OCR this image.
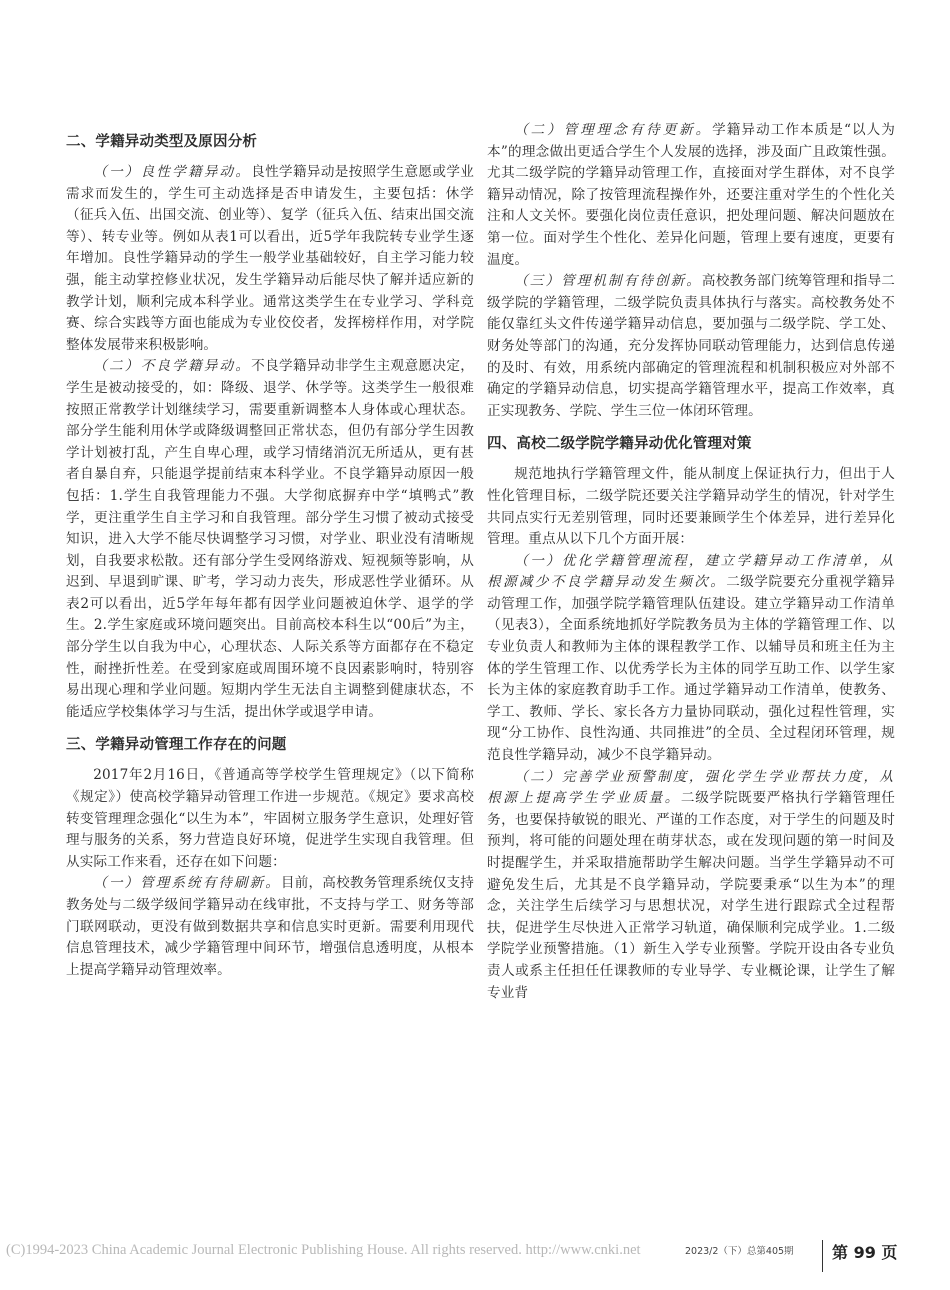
二、学籍异动类型及原因分析

（一）良性学籍异动。良性学籍异动是按照学生意愿或学业需求而发生的，学生可主动选择是否申请发生，主要包括：休学（征兵入伍、出国交流、创业等）、复学（征兵入伍、结束出国交流等）、转专业等。例如从表1可以看出，近5学年我院转专业学生逐年增加。良性学籍异动的学生一般学业基础较好，自主学习能力较强，能主动掌控修业状况，发生学籍异动后能尽快了解并适应新的教学计划，顺利完成本科学业。通常这类学生在专业学习、学科竞赛、综合实践等方面也能成为专业佼佼者，发挥榜样作用，对学院整体发展带来积极影响。

（二）不良学籍异动。不良学籍异动非学生主观意愿决定，学生是被动接受的，如：降级、退学、休学等。这类学生一般很难按照正常教学计划继续学习，需要重新调整本人身体或心理状态。部分学生能利用休学或降级调整回正常状态，但仍有部分学生因教学计划被打乱，产生自卑心理，或学习情绪消沉无所适从，更有甚者自暴自弃，只能退学提前结束本科学业。不良学籍异动原因一般包括：1.学生自我管理能力不强。大学彻底摒弃中学“填鸭式”教学，更注重学生自主学习和自我管理。部分学生习惯了被动式接受知识，进入大学不能尽快调整学习习惯，对学业、职业没有清晰规划，自我要求松散。还有部分学生受网络游戏、短视频等影响，从迟到、早退到旷课、旷考，学习动力丧失，形成恶性学业循环。从表2可以看出，近5学年每年都有因学业问题被迫休学、退学的学生。2.学生家庭或环境问题突出。目前高校本科生以“00后”为主，部分学生以自我为中心，心理状态、人际关系等方面都存在不稳定性，耐挫折性差。在受到家庭或周围环境不良因素影响时，特别容易出现心理和学业问题。短期内学生无法自主调整到健康状态，不能适应学校集体学习与生活，提出休学或退学申请。

三、学籍异动管理工作存在的问题

2017年2月16日，《普通高等学校学生管理规定》（以下简称《规定》）使高校学籍异动管理工作进一步规范。《规定》要求高校转变管理理念强化“以生为本”，牢固树立服务学生意识，处理好管理与服务的关系，努力营造良好环境，促进学生实现自我管理。但从实际工作来看，还存在如下问题：

（一）管理系统有待刷新。目前，高校教务管理系统仅支持教务处与二级学级间学籍异动在线审批，不支持与学工、财务等部门联网联动，更没有做到数据共享和信息实时更新。需要利用现代信息管理技术，减少学籍管理中间环节，增强信息透明度，从根本上提高学籍异动管理效率。

（二）管理理念有待更新。学籍异动工作本质是“以人为本”的理念做出更适合学生个人发展的选择，涉及面广且政策性强。尤其二级学院的学籍异动管理工作，直接面对学生群体，对不良学籍异动情况，除了按管理流程操作外，还要注重对学生的个性化关注和人文关怀。要强化岗位责任意识，把处理问题、解决问题放在第一位。面对学生个性化、差异化问题，管理上要有速度，更要有温度。

（三）管理机制有待创新。高校教务部门统筹管理和指导二级学院的学籍管理，二级学院负责具体执行与落实。高校教务处不能仅靠红头文件传递学籍异动信息，要加强与二级学院、学工处、财务处等部门的沟通，充分发挥协同联动管理能力，达到信息传递的及时、有效，用系统内部确定的管理流程和机制积极应对外部不确定的学籍异动信息，切实提高学籍管理水平，提高工作效率，真正实现教务、学院、学生三位一体闭环管理。

四、高校二级学院学籍异动优化管理对策

规范地执行学籍管理文件，能从制度上保证执行力，但出于人性化管理目标，二级学院还要关注学籍异动学生的情况，针对学生共同点实行无差别管理，同时还要兼顾学生个体差异，进行差异化管理。重点从以下几个方面开展：

（一）优化学籍管理流程，建立学籍异动工作清单，从根源减少不良学籍异动发生频次。二级学院要充分重视学籍异动管理工作，加强学院学籍管理队伍建设。建立学籍异动工作清单（见表3），全面系统地抓好学院教务员为主体的学籍管理工作、以专业负责人和教师为主体的课程教学工作、以辅导员和班主任为主体的学生管理工作、以优秀学长为主体的同学互助工作、以学生家长为主体的家庭教育助手工作。通过学籍异动工作清单，使教务、学工、教师、学长、家长各方力量协同联动，强化过程性管理，实现“分工协作、良性沟通、共同推进”的全员、全过程闭环管理，规范良性学籍异动，减少不良学籍异动。

（二）完善学业预警制度，强化学生学业帮扶力度，从根源上提高学生学业质量。二级学院既要严格执行学籍管理任务，也要保持敏锐的眼光、严谨的工作态度，对于学生的问题及时预判，将可能的问题处理在萌芽状态，或在发现问题的第一时间及时提醒学生，并采取措施帮助学生解决问题。当学生学籍异动不可避免发生后，尤其是不良学籍异动，学院要秉承“以生为本”的理念，关注学生后续学习与思想状况，对学生进行跟踪式全过程帮扶，促进学生尽快进入正常学习轨道，确保顺利完成学业。1.二级学院学业预警措施。（1）新生入学专业预警。学院开设由各专业负责人或系主任担任任课教师的专业导学、专业概论课，让学生了解专业背

(C)1994-2023 China Academic Journal Electronic Publishing House. All rights reserved. http://www.cnki.net	2023/2（下）总第405期 第 99 页
